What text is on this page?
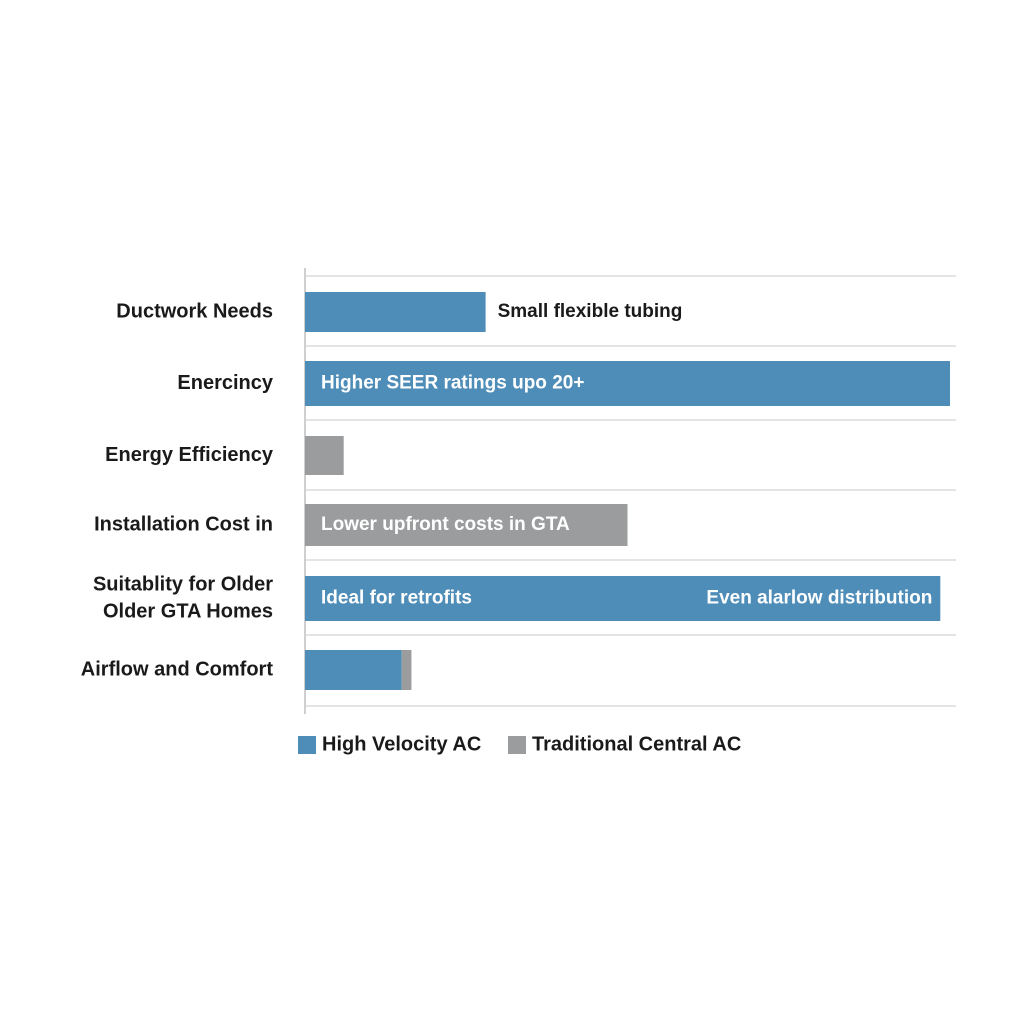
Ductwork Needs
Enercincy
Energy Efficiency
Installation Cost in
Suitablity for Older
Older GTA Homes
Airflow and Comfort
Small flexible tubing
Higher SEER ratings upo 20+
Lower upfront costs in GTA
Ideal for retrofits	Even alarlow distribution
High Velocity AC	Traditional Central AC
